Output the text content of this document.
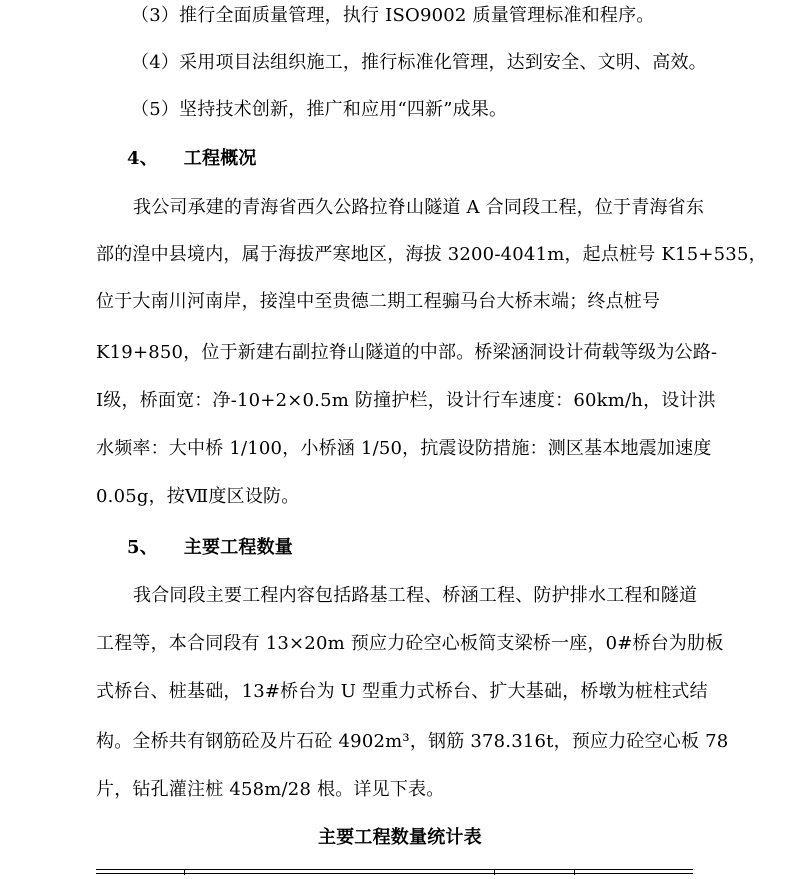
（3）推行全面质量管理，执行 ISO9002 质量管理标准和程序。
（4）采用项目法组织施工，推行标准化管理，达到安全、文明、高效。
（5）坚持技术创新，推广和应用“四新”成果。
4、    工程概况
我公司承建的青海省西久公路拉脊山隧道 A 合同段工程，位于青海省东
部的湟中县境内，属于海拔严寒地区，海拔 3200-4041m，起点桩号 K15+535，
位于大南川河南岸，接湟中至贵德二期工程骟马台大桥末端；终点桩号
K19+850，位于新建右副拉脊山隧道的中部。桥梁涵洞设计荷载等级为公路-
Ⅰ级，桥面宽：净-10+2×0.5m 防撞护栏，设计行车速度：60km/h，设计洪
水频率：大中桥 1/100，小桥涵 1/50，抗震设防措施：测区基本地震加速度
0.05g，按Ⅶ度区设防。
5、    主要工程数量
我合同段主要工程内容包括路基工程、桥涵工程、防护排水工程和隧道
工程等，本合同段有 13×20m 预应力砼空心板简支梁桥一座，0#桥台为肋板
式桥台、桩基础，13#桥台为 U 型重力式桥台、扩大基础，桥墩为桩柱式结
构。全桥共有钢筋砼及片石砼 4902m³，钢筋 378.316t，预应力砼空心板 78
片，钻孔灌注桩 458m/28 根。详见下表。
主要工程数量统计表
